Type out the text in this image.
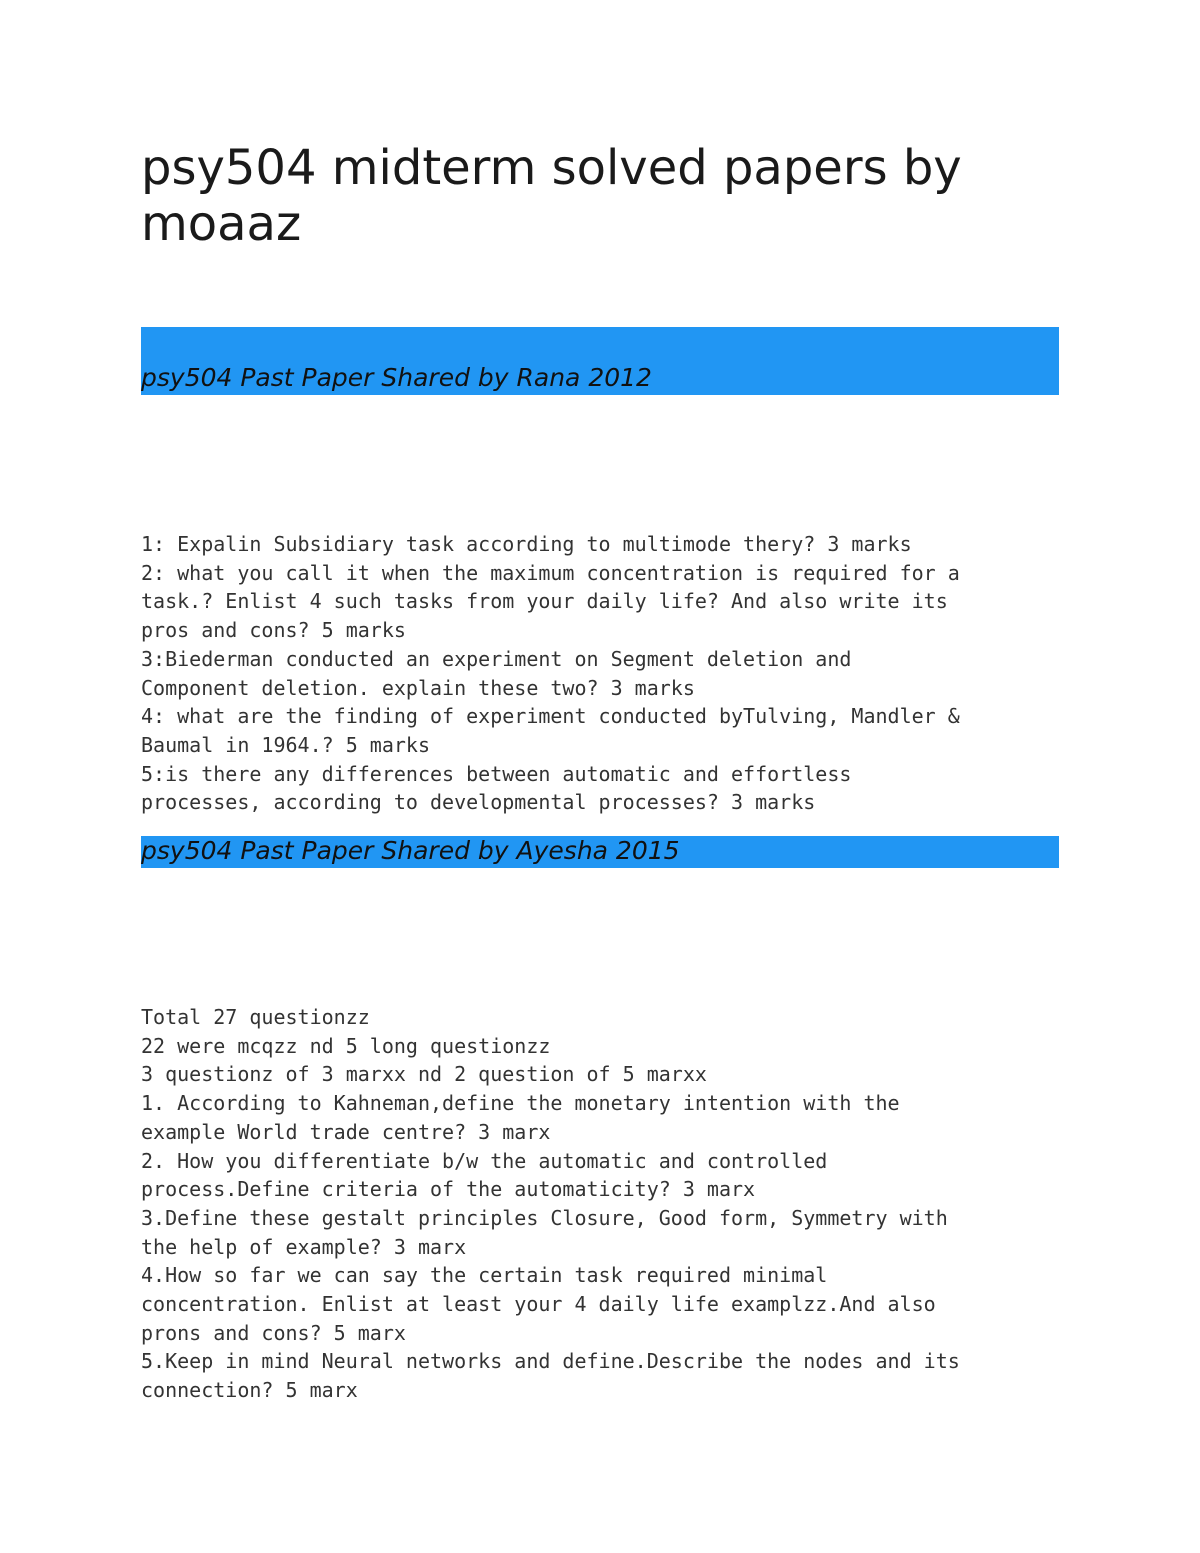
psy504 midterm solved papers by moaaz
psy504 Past Paper Shared by Rana 2012
1: Expalin Subsidiary task according to multimode thery? 3 marks
2: what you call it when the maximum concentration is required for a
task.? Enlist 4 such tasks from your daily life? And also write its
pros and cons? 5 marks
3:Biederman conducted an experiment on Segment deletion and
Component deletion. explain these two? 3 marks
4: what are the finding of experiment conducted byTulving, Mandler &
Baumal in 1964.? 5 marks
5:is there any differences between automatic and effortless
processes, according to developmental processes? 3 marks
psy504 Past Paper Shared by Ayesha 2015
Total 27 questionzz
22 were mcqzz nd 5 long questionzz
3 questionz of 3 marxx nd 2 question of 5 marxx
1. According to Kahneman,define the monetary intention with the
example World trade centre? 3 marx
2. How you differentiate b/w the automatic and controlled
process.Define criteria of the automaticity? 3 marx
3.Define these gestalt principles Closure, Good form, Symmetry with
the help of example? 3 marx
4.How so far we can say the certain task required minimal
concentration. Enlist at least your 4 daily life examplzz.And also
prons and cons? 5 marx
5.Keep in mind Neural networks and define.Describe the nodes and its
connection? 5 marx
